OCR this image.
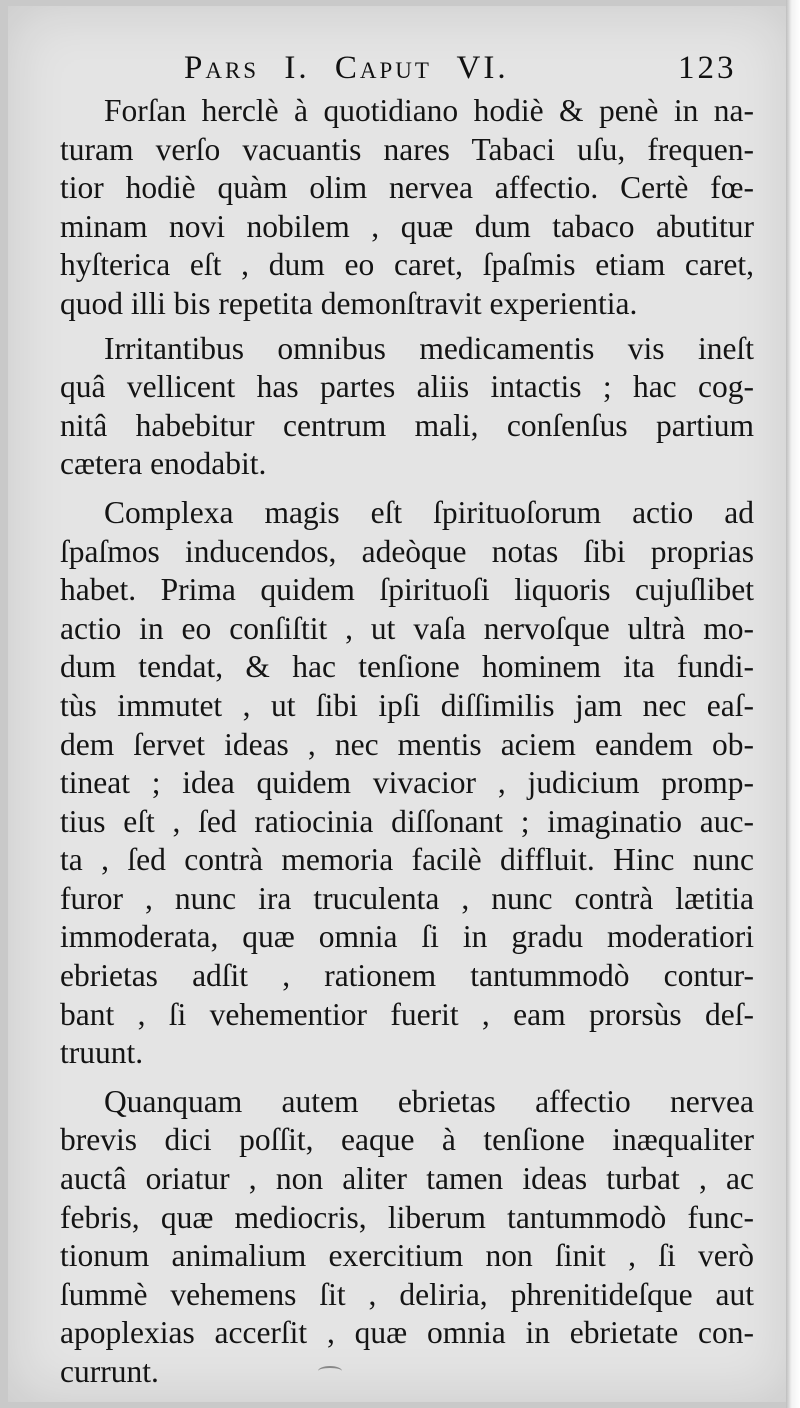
Pars I. Caput VI.	123
Forſan herclè à quotidiano hodiè & penè in na-
turam verſo vacuantis nares Tabaci uſu, frequen-
tior hodiè quàm olim nervea affectio. Certè fœ-
minam novi nobilem , quæ dum tabaco abutitur
hyſterica eſt , dum eo caret, ſpaſmis etiam caret,
quod illi bis repetita demonſtravit experientia.
Irritantibus omnibus medicamentis vis ineſt
quâ vellicent has partes aliis intactis ; hac cog-
nitâ habebitur centrum mali, conſenſus partium
cætera enodabit.
Complexa magis eſt ſpirituoſorum actio ad
ſpaſmos inducendos, adeòque notas ſibi proprias
habet. Prima quidem ſpirituoſi liquoris cujuſlibet
actio in eo conſiſtit , ut vaſa nervoſque ultrà mo-
dum tendat, & hac tenſione hominem ita fundi-
tùs immutet , ut ſibi ipſi diſſimilis jam nec eaſ-
dem ſervet ideas , nec mentis aciem eandem ob-
tineat ; idea quidem vivacior , judicium promp-
tius eſt , ſed ratiocinia diſſonant ; imaginatio auc-
ta , ſed contrà memoria facilè diffluit. Hinc nunc
furor , nunc ira truculenta , nunc contrà lætitia
immoderata, quæ omnia ſi in gradu moderatiori
ebrietas adſit , rationem tantummodò contur-
bant , ſi vehementior fuerit , eam prorsùs deſ-
truunt.
Quanquam autem ebrietas affectio nervea
brevis dici poſſit, eaque à tenſione inæqualiter
auctâ oriatur , non aliter tamen ideas turbat , ac
febris, quæ mediocris, liberum tantummodò func-
tionum animalium exercitium non ſinit , ſi verò
ſummè vehemens ſit , deliria, phrenitideſque aut
apoplexias accerſit , quæ omnia in ebrietate con-
currunt.
